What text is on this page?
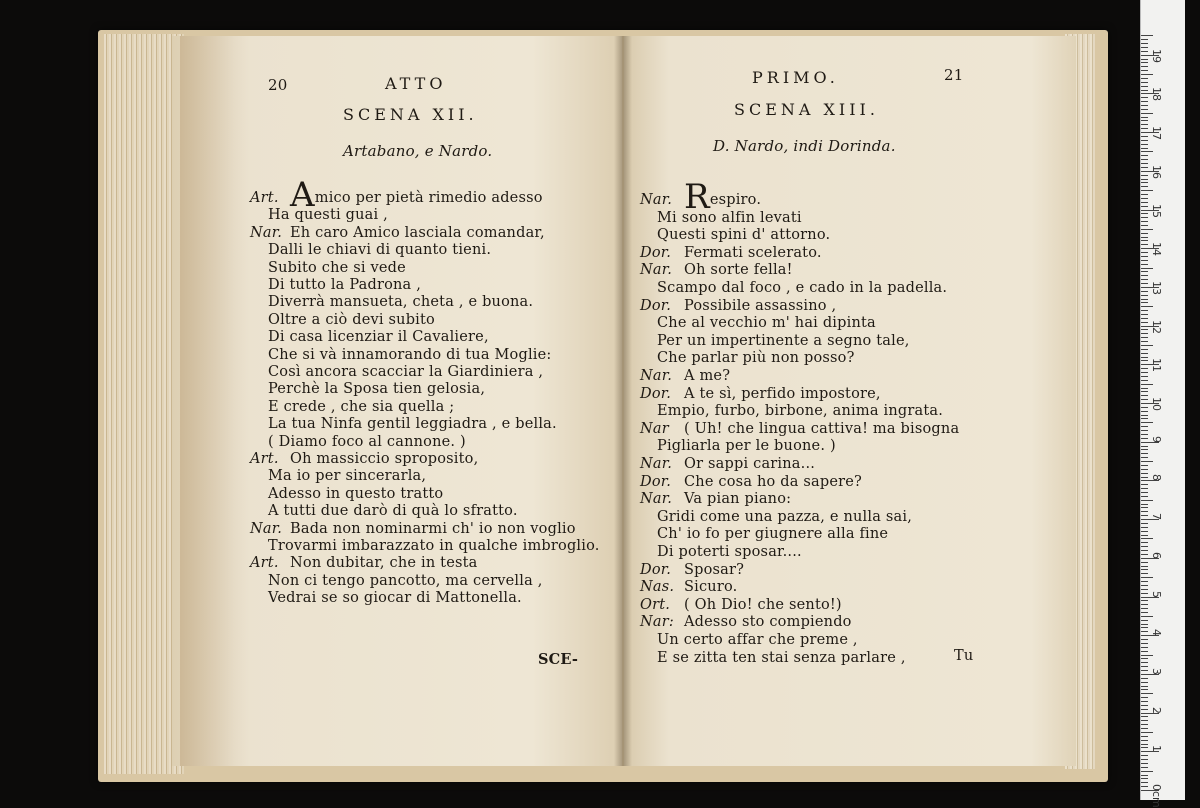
20	ATTO
SCENA XII.
Artabano, e Nardo.
Art. Amico per pietà rimedio adesso
Ha questi guai ,
Nar. Eh caro Amico lasciala comandar,
Dalli le chiavi di quanto tieni.
Subito che si vede
Di tutto la Padrona ,
Diverrà mansueta, cheta , e buona.
Oltre a ciò devi subito
Di casa licenziar il Cavaliere,
Che si và innamorando di tua Moglie:
Così ancora scacciar la Giardiniera ,
Perchè la Sposa tien gelosia,
E crede , che sia quella ;
La tua Ninfa gentil leggiadra , e bella.
( Diamo foco al cannone. )
Art. Oh massiccio sproposito,
Ma io per sincerarla,
Adesso in questo tratto
A tutti due darò di quà lo sfratto.
Nar. Bada non nominarmi ch' io non voglio
Trovarmi imbarazzato in qualche imbroglio.
Art. Non dubitar, che in testa
Non ci tengo pancotto, ma cervella ,
Vedrai se so giocar di Mattonella.
SCE-
PRIMO.	21
SCENA XIII.
D. Nardo, indi Dorinda.
Nar. Respiro.
Mi sono alfin levati
Questi spini d' attorno.
Dor. Fermati scelerato.
Nar. Oh sorte fella!
Scampo dal foco , e cado in la padella.
Dor. Possibile assassino ,
Che al vecchio m' hai dipinta
Per un impertinente a segno tale,
Che parlar più non posso?
Nar. A me?
Dor. A te sì, perfido impostore,
Empio, furbo, birbone, anima ingrata.
Nar ( Uh! che lingua cattiva! ma bisogna
Pigliarla per le buone. )
Nar. Or sappi carina...
Dor. Che cosa ho da sapere?
Nar. Va pian piano:
Gridi come una pazza, e nulla sai,
Ch' io fo per giugnere alla fine
Di poterti sposar....
Dor. Sposar?
Nas. Sicuro.
Ort. ( Oh Dio! che sento!)
Nar: Adesso sto compiendo
Un certo affar che preme ,
E se zitta ten stai senza parlare ,	Tu
0cm
1
2
3
4
5
6
7
8
9
10
11
12
13
14
15
16
17
18
19
